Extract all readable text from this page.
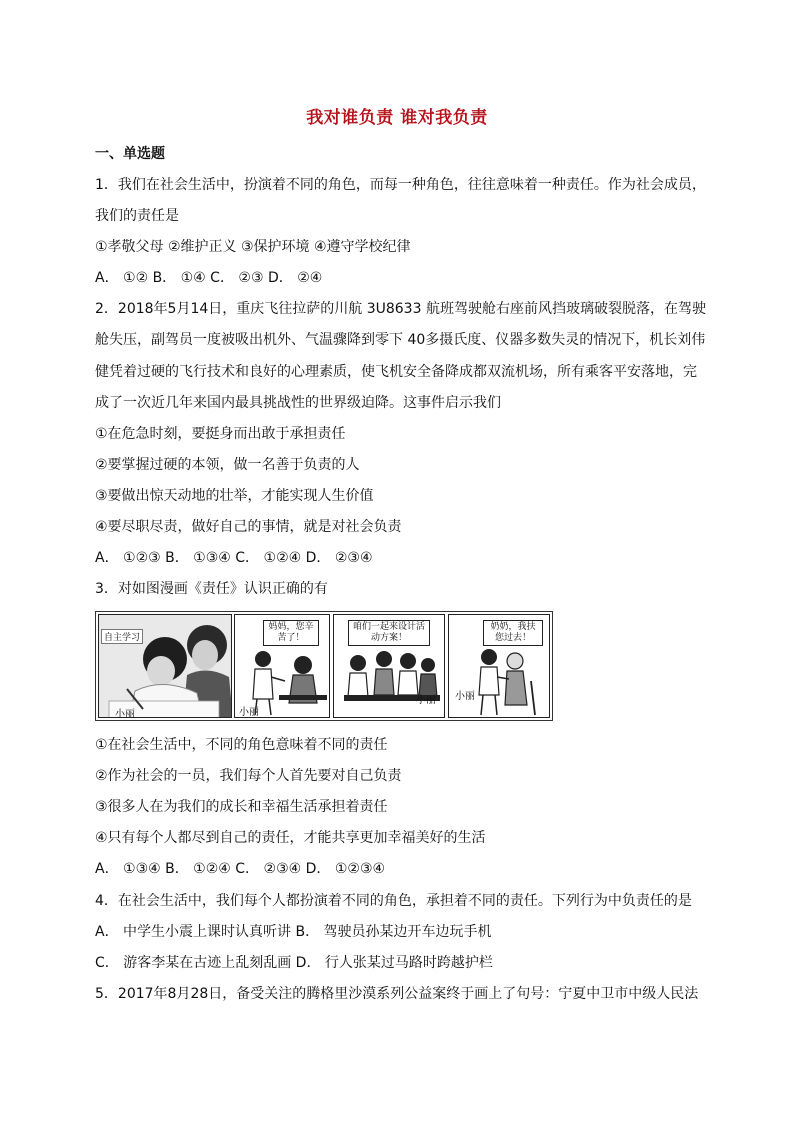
我对谁负责 谁对我负责
一、单选题
1．我们在社会生活中，扮演着不同的角色，而每一种角色，往往意味着一种责任。作为社会成员，
我们的责任是
①孝敬父母 ②维护正义 ③保护环境 ④遵守学校纪律
A． ①② B． ①④ C． ②③ D． ②④
2．2018年5月14日，重庆飞往拉萨的川航 3U8633 航班驾驶舱右座前风挡玻璃破裂脱落，在驾驶
舱失压，副驾员一度被吸出机外、气温骤降到零下 40多摄氏度、仪器多数失灵的情况下，机长刘伟
健凭着过硬的飞行技术和良好的心理素质，使飞机安全备降成都双流机场，所有乘客平安落地，完
成了一次近几年来国内最具挑战性的世界级迫降。这事件启示我们
①在危急时刻，要挺身而出敢于承担责任
②要掌握过硬的本领，做一名善于负责的人
③要做出惊天动地的壮举，才能实现人生价值
④要尽职尽责，做好自己的事情，就是对社会负责
A． ①②③ B． ①③④ C． ①②④ D． ②③④
3．对如图漫画《责任》认识正确的有
自主学习
小丽
妈妈，您辛苦了！
小丽
咱们一起来设计活动方案！
小丽
奶奶，我扶您过去！
小丽
①在社会生活中，不同的角色意味着不同的责任
②作为社会的一员，我们每个人首先要对自己负责
③很多人在为我们的成长和幸福生活承担着责任
④只有每个人都尽到自己的责任，才能共享更加幸福美好的生活
A． ①③④ B． ①②④ C． ②③④ D． ①②③④
4．在社会生活中，我们每个人都扮演着不同的角色，承担着不同的责任。下列行为中负责任的是
A． 中学生小震上课时认真听讲 B． 驾驶员孙某边开车边玩手机
C． 游客李某在古迹上乱刻乱画 D． 行人张某过马路时跨越护栏
5．2017年8月28日，备受关注的腾格里沙漠系列公益案终于画上了句号：宁夏中卫市中级人民法
